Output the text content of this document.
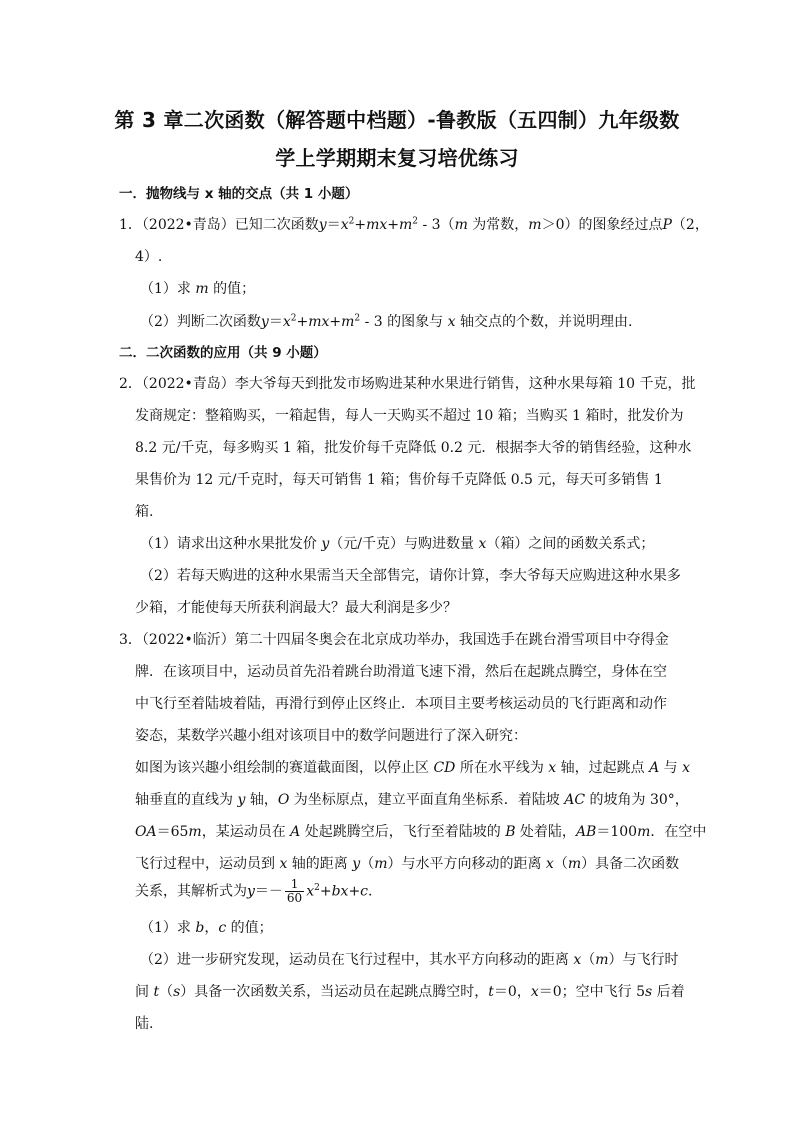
第 3 章二次函数（解答题中档题）-鲁教版（五四制）九年级数
学上学期期末复习培优练习
一．抛物线与 x 轴的交点（共 1 小题）
1．（2022•青岛）已知二次函数$y=x^2+mx+m^2 - 3(m$ 为常数，m＞0）的图象经过点P（2，
4）.
（1）求 m 的值；
（2）判断二次函数$y=x^2+mx+m^2 - 3$ 的图象与 x 轴交点的个数，并说明理由.
二．二次函数的应用（共 9 小题）
2．（2022•青岛）李大爷每天到批发市场购进某种水果进行销售，这种水果每箱 10 千克，批
发商规定：整箱购买，一箱起售，每人一天购买不超过 10 箱；当购买 1 箱时，批发价为
8.2 元/千克，每多购买 1 箱，批发价每千克降低 0.2 元．根据李大爷的销售经验，这种水
果售价为 12 元/千克时，每天可销售 1 箱；售价每千克降低 0.5 元，每天可多销售 1
箱.
（1）请求出这种水果批发价 y（元/千克）与购进数量 x（箱）之间的函数关系式；
（2）若每天购进的这种水果需当天全部售完，请你计算，李大爷每天应购进这种水果多
少箱，才能使每天所获利润最大？最大利润是多少？
3．（2022•临沂）第二十四届冬奥会在北京成功举办，我国选手在跳台滑雪项目中夺得金
牌．在该项目中，运动员首先沿着跳台助滑道飞速下滑，然后在起跳点腾空，身体在空
中飞行至着陆坡着陆，再滑行到停止区终止．本项目主要考核运动员的飞行距离和动作
姿态，某数学兴趣小组对该项目中的数学问题进行了深入研究：
如图为该兴趣小组绘制的赛道截面图，以停止区 CD 所在水平线为 x 轴，过起跳点 A 与 x
轴垂直的直线为 y 轴，O 为坐标原点，建立平面直角坐标系．着陆坡 AC 的坡角为 30°，
OA＝65m，某运动员在 A 处起跳腾空后，飞行至着陆坡的 B 处着陆，AB＝100m．在空中
飞行过程中，运动员到 x 轴的距离 y（m）与水平方向移动的距离 x（m）具备二次函数
关系，其解析式为$y=- \frac{1}{60} x^2+bx+c$.
（1）求 b，c 的值；
（2）进一步研究发现，运动员在飞行过程中，其水平方向移动的距离 x（m）与飞行时
间 t（s）具备一次函数关系，当运动员在起跳点腾空时，t＝0，x＝0；空中飞行 5s 后着
陆.
